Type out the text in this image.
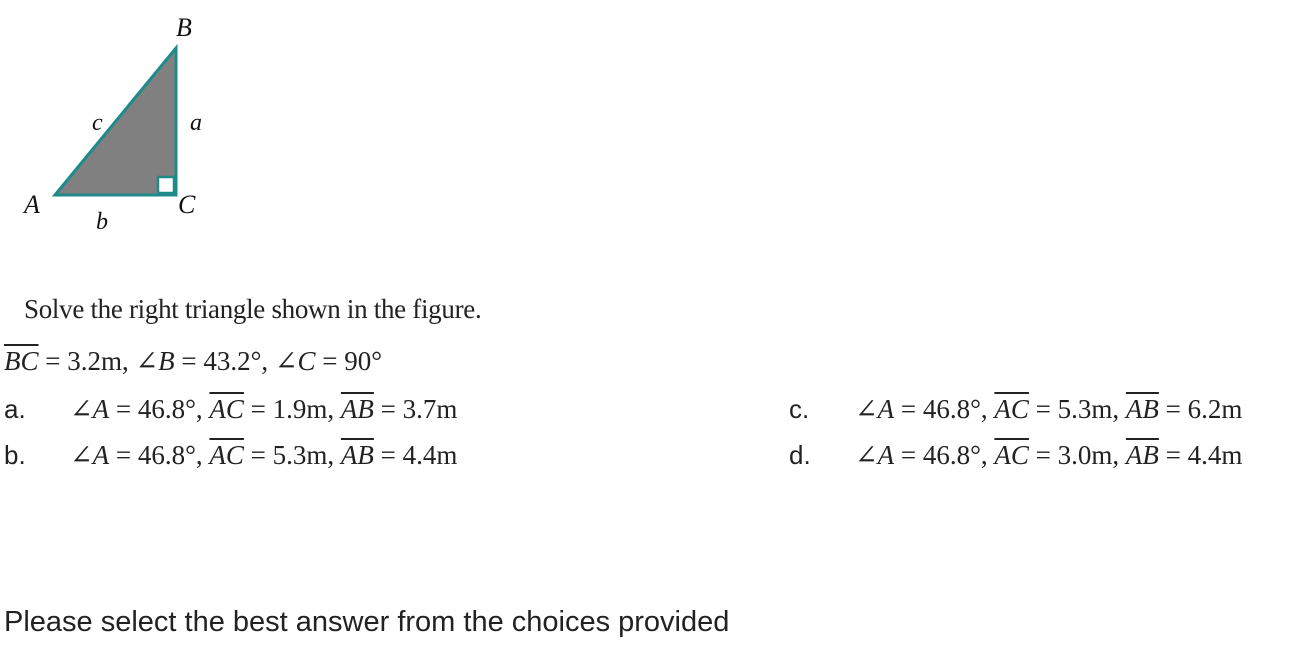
B
A	C
c	a
b
Solve the right triangle shown in the figure.
$\overline{BC} = 3.2m$, ∠B = 43.2°, ∠C = 90°
a. ∠A = 46.8°, $\overline{AC} = 1.9m$, $\overline{AB} = 3.7m$
b. ∠A = 46.8°, $\overline{AC} = 5.3m$, $\overline{AB} = 4.4m$
c. ∠A = 46.8°, $\overline{AC} = 5.3m$, $\overline{AB} = 6.2m$
d. ∠A = 46.8°, $\overline{AC} = 3.0m$, $\overline{AB} = 4.4m$
Please select the best answer from the choices provided
